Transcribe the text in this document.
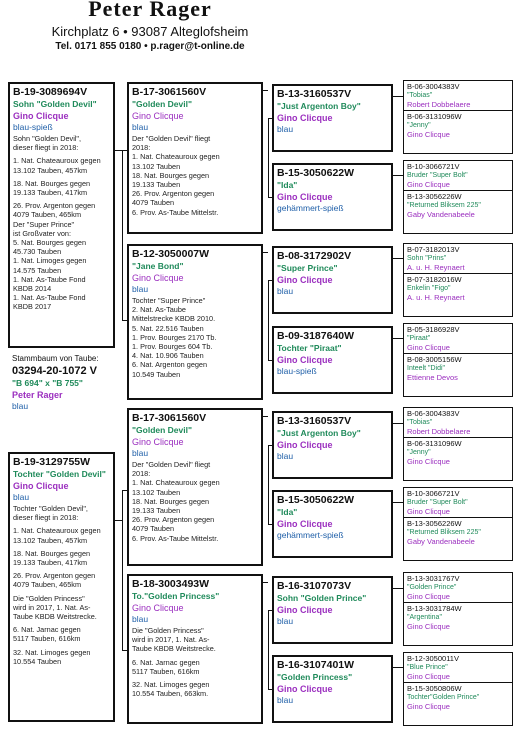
Peter Rager
Kirchplatz 6 • 93087 Alteglofsheim
Tel. 0171 855 0180 • p.rager@t-online.de
B-19-3089694V
Sohn "Golden Devil"
Gino Clicque
blau-spieß
Sohn "Golden Devil",
dieser fliegt in 2018:
1. Nat. Chateauroux gegen
13.102 Tauben, 457km
18. Nat. Bourges gegen
19.133 Tauben, 417km
26. Prov. Argenton gegen
4079 Tauben, 465km
Der "Super Prince"
ist Großvater von:
5. Nat. Bourges gegen
45.730 Tauben
1. Nat. Limoges gegen
14.575 Tauben
1. Nat. As-Taube Fond
KBDB 2014
1. Nat. As-Taube Fond
KBDB 2017
Stammbaum von Taube:
03294-20-1072 V
"B 694" x "B 755"
Peter Rager
blau
B-19-3129755W
Tochter "Golden Devil"
Gino Clicque
blau
Tochter "Golden Devil",
dieser fliegt in 2018:
1. Nat. Chateauroux gegen
13.102 Tauben, 457km
18. Nat. Bourges gegen
19.133 Tauben, 417km
26. Prov. Argenton gegen
4079 Tauben, 465km
Die "Golden Princess"
wird in 2017, 1. Nat. As-
Taube KBDB Weitstrecke.
6. Nat. Jarnac gegen
5117 Tauben, 616km
32. Nat. Limoges gegen
10.554 Tauben
B-17-3061560V
"Golden Devil"
Gino Clicque
blau
Der "Golden Devil" fliegt
2018:
1. Nat. Chateauroux gegen
13.102 Tauben
18. Nat. Bourges gegen
19.133 Tauben
26. Prov. Argenton gegen
4079 Tauben
6. Prov. As-Taube Mittelstr.
B-12-3050007W
"Jane Bond"
Gino Clicque
blau
Tochter "Super Prince"
2. Nat. As-Taube
Mittelstrecke KBDB 2010.
5. Nat. 22.516 Tauben
1. Prov. Bourges 2170 Tb.
1. Prov. Bourges 604 Tb.
4. Nat. 10.906 Tauben
6. Nat. Argenton gegen
10.549 Tauben
B-17-3061560V
"Golden Devil"
Gino Clicque
blau
Der "Golden Devil" fliegt
2018:
1. Nat. Chateauroux gegen
13.102 Tauben
18. Nat. Bourges gegen
19.133 Tauben
26. Prov. Argenton gegen
4079 Tauben
6. Prov. As-Taube Mittelstr.
B-18-3003493W
To."Golden Princess"
Gino Clicque
blau
Die "Golden Princess"
wird in 2017, 1. Nat. As-
Taube KBDB Weitstrecke.
6. Nat. Jarnac gegen
5117 Tauben, 616km
32. Nat. Limoges gegen
10.554 Tauben, 663km.
B-13-3160537V
"Just Argenton Boy"
Gino Clicque
blau
B-15-3050622W
"Ida"
Gino Clicque
gehämmert-spieß
B-08-3172902V
"Super Prince"
Gino Clicque
blau
B-09-3187640W
Tochter "Piraat"
Gino Clicque
blau-spieß
B-13-3160537V
"Just Argenton Boy"
Gino Clicque
blau
B-15-3050622W
"Ida"
Gino Clicque
gehämmert-spieß
B-16-3107073V
Sohn "Golden Prince"
Gino Clicque
blau
B-16-3107401W
"Golden Princess"
Gino Clicque
blau
B-06-3004383V
"Tobias"
Robert Dobbelaere
B-06-3131096W
"Jenny"
Gino Clicque
B-10-3066721V
Bruder "Super Bolt"
Gino Clicque
B-13-3056226W
"Returned Bliksem 225"
Gaby Vandenabeele
B-07-3182013V
Sohn "Prins"
A. u. H. Reynaert
B-07-3182016W
Enkelin "Figo"
A. u. H. Reynaert
B-05-3186928V
"Piraat"
Gino Clicque
B-08-3005156W
Inteelt "Didi"
Ettienne Devos
B-06-3004383V
"Tobias"
Robert Dobbelaere
B-06-3131096W
"Jenny"
Gino Clicque
B-10-3066721V
Bruder "Super Bolt"
Gino Clicque
B-13-3056226W
"Returned Bliksem 225"
Gaby Vandenabeele
B-13-3031767V
"Golden Prince"
Gino Clicque
B-13-3031784W
"Argentina"
Gino Clicque
B-12-3050011V
"Blue Prince"
Gino Clicque
B-15-3050806W
Tochter"Golden Prince"
Gino Clicque
